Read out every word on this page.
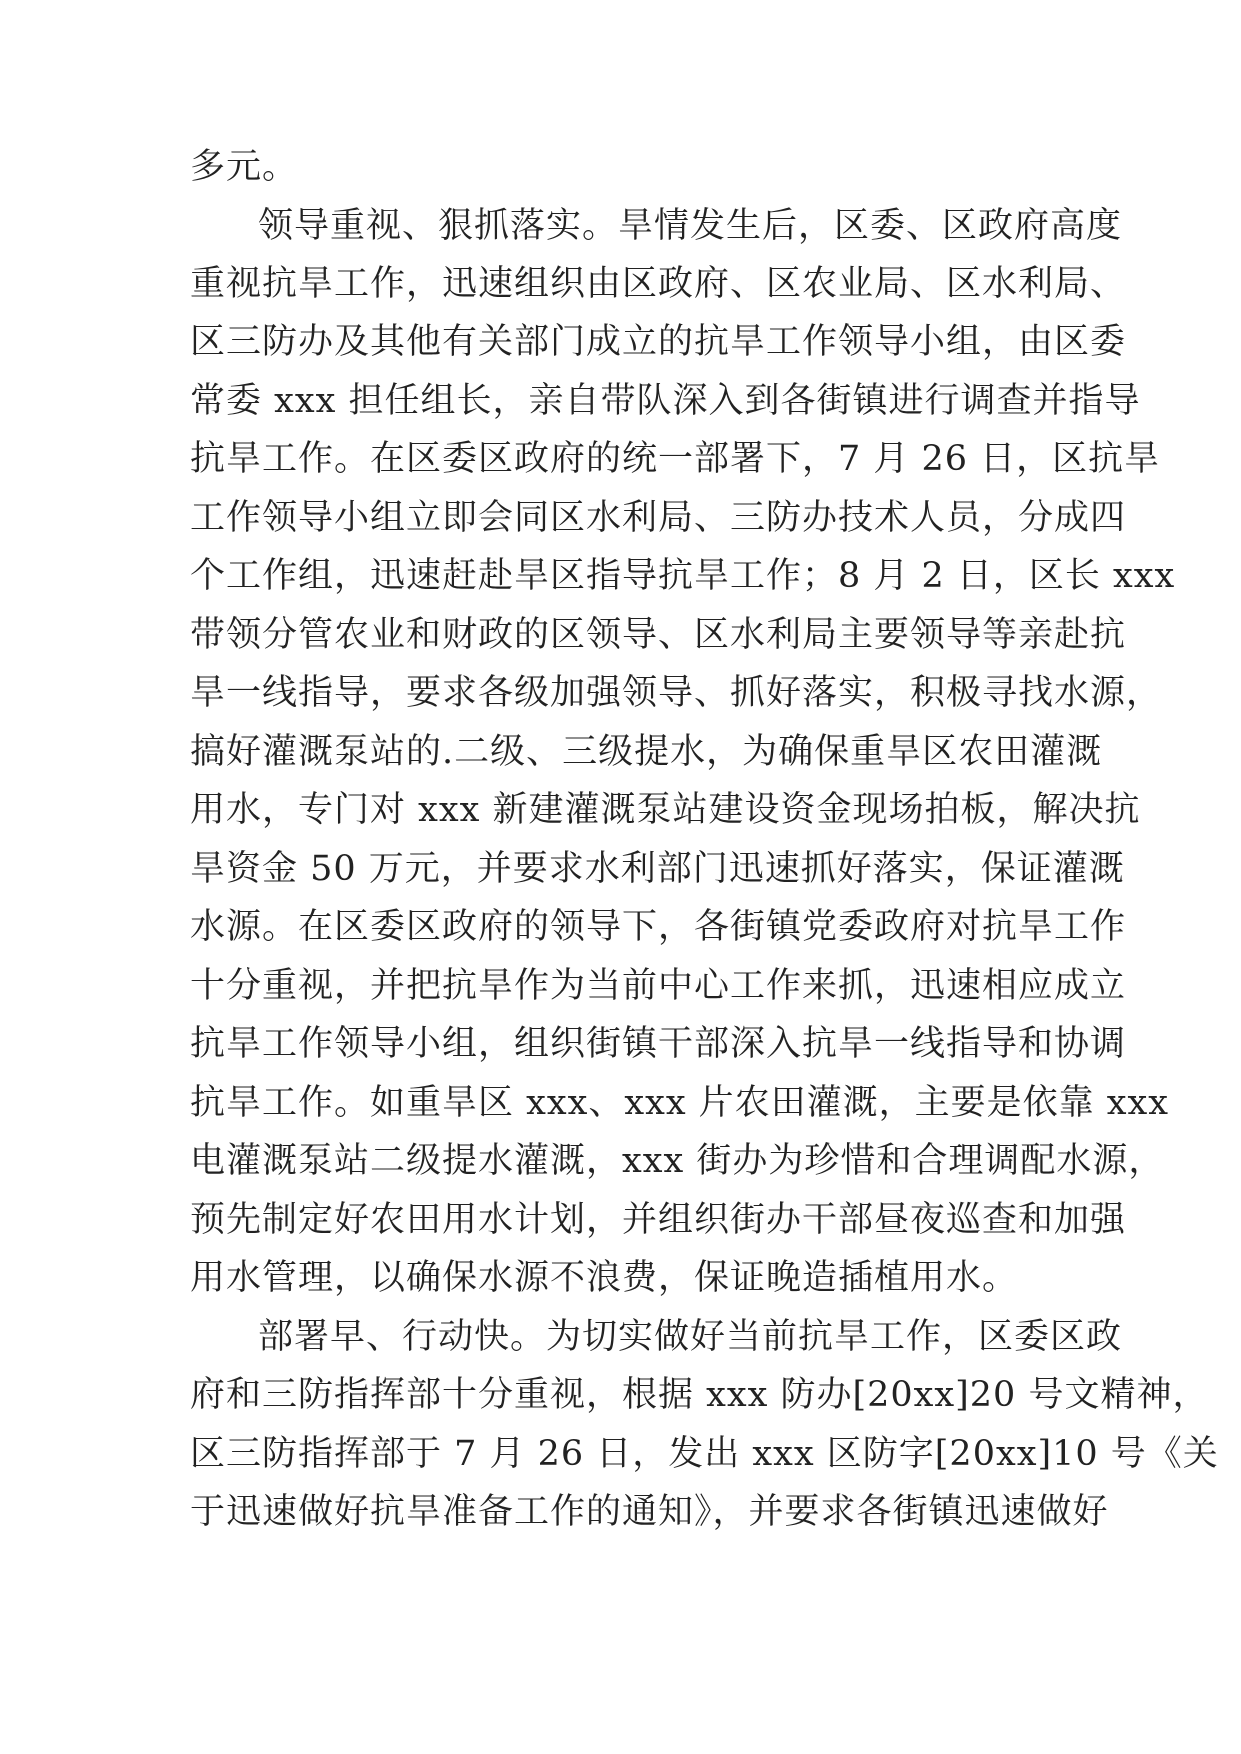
多元。
领导重视、狠抓落实。旱情发生后，区委、区政府高度
重视抗旱工作，迅速组织由区政府、区农业局、区水利局、
区三防办及其他有关部门成立的抗旱工作领导小组，由区委
常委 xxx 担任组长，亲自带队深入到各街镇进行调查并指导
抗旱工作。在区委区政府的统一部署下，7 月 26 日，区抗旱
工作领导小组立即会同区水利局、三防办技术人员，分成四
个工作组，迅速赶赴旱区指导抗旱工作；8 月 2 日，区长 xxx
带领分管农业和财政的区领导、区水利局主要领导等亲赴抗
旱一线指导，要求各级加强领导、抓好落实，积极寻找水源，
搞好灌溉泵站的.二级、三级提水，为确保重旱区农田灌溉
用水，专门对 xxx 新建灌溉泵站建设资金现场拍板，解决抗
旱资金 50 万元，并要求水利部门迅速抓好落实，保证灌溉
水源。在区委区政府的领导下，各街镇党委政府对抗旱工作
十分重视，并把抗旱作为当前中心工作来抓，迅速相应成立
抗旱工作领导小组，组织街镇干部深入抗旱一线指导和协调
抗旱工作。如重旱区 xxx、xxx 片农田灌溉，主要是依靠 xxx
电灌溉泵站二级提水灌溉，xxx 街办为珍惜和合理调配水源，
预先制定好农田用水计划，并组织街办干部昼夜巡查和加强
用水管理，以确保水源不浪费，保证晚造插植用水。
部署早、行动快。为切实做好当前抗旱工作，区委区政
府和三防指挥部十分重视，根据 xxx 防办[20xx]20 号文精神，
区三防指挥部于 7 月 26 日，发出 xxx 区防字[20xx]10 号《关
于迅速做好抗旱准备工作的通知》，并要求各街镇迅速做好
